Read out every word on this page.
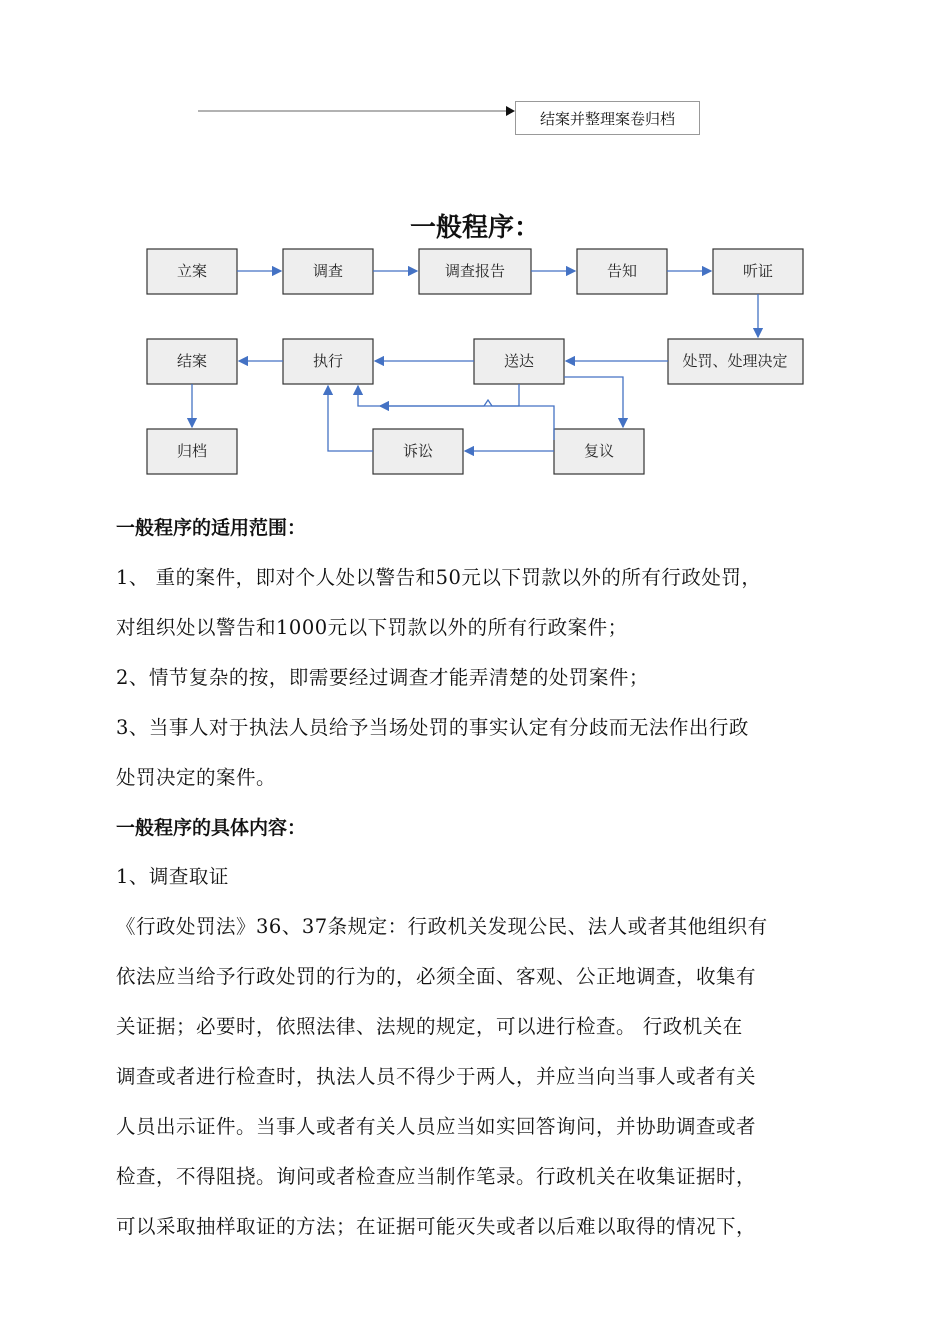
结案并整理案卷归档
一般程序：
立案	调查	调查报告	告知	听证
处罚、处理决定
送达
执行
结案
归档	诉讼	复议
一般程序的适用范围：
1、 重的案件，即对个人处以警告和50元以下罚款以外的所有行政处罚，
对组织处以警告和1000元以下罚款以外的所有行政案件；
2、情节复杂的按，即需要经过调查才能弄清楚的处罚案件；
3、当事人对于执法人员给予当场处罚的事实认定有分歧而无法作出行政
处罚决定的案件。
一般程序的具体内容：
1、调查取证
《行政处罚法》36、37条规定：行政机关发现公民、法人或者其他组织有
依法应当给予行政处罚的行为的，必须全面、客观、公正地调查，收集有
关证据；必要时，依照法律、法规的规定，可以进行检查。 行政机关在
调查或者进行检查时，执法人员不得少于两人，并应当向当事人或者有关
人员出示证件。当事人或者有关人员应当如实回答询问，并协助调查或者
检查，不得阻挠。询问或者检查应当制作笔录。行政机关在收集证据时，
可以采取抽样取证的方法；在证据可能灭失或者以后难以取得的情况下，
